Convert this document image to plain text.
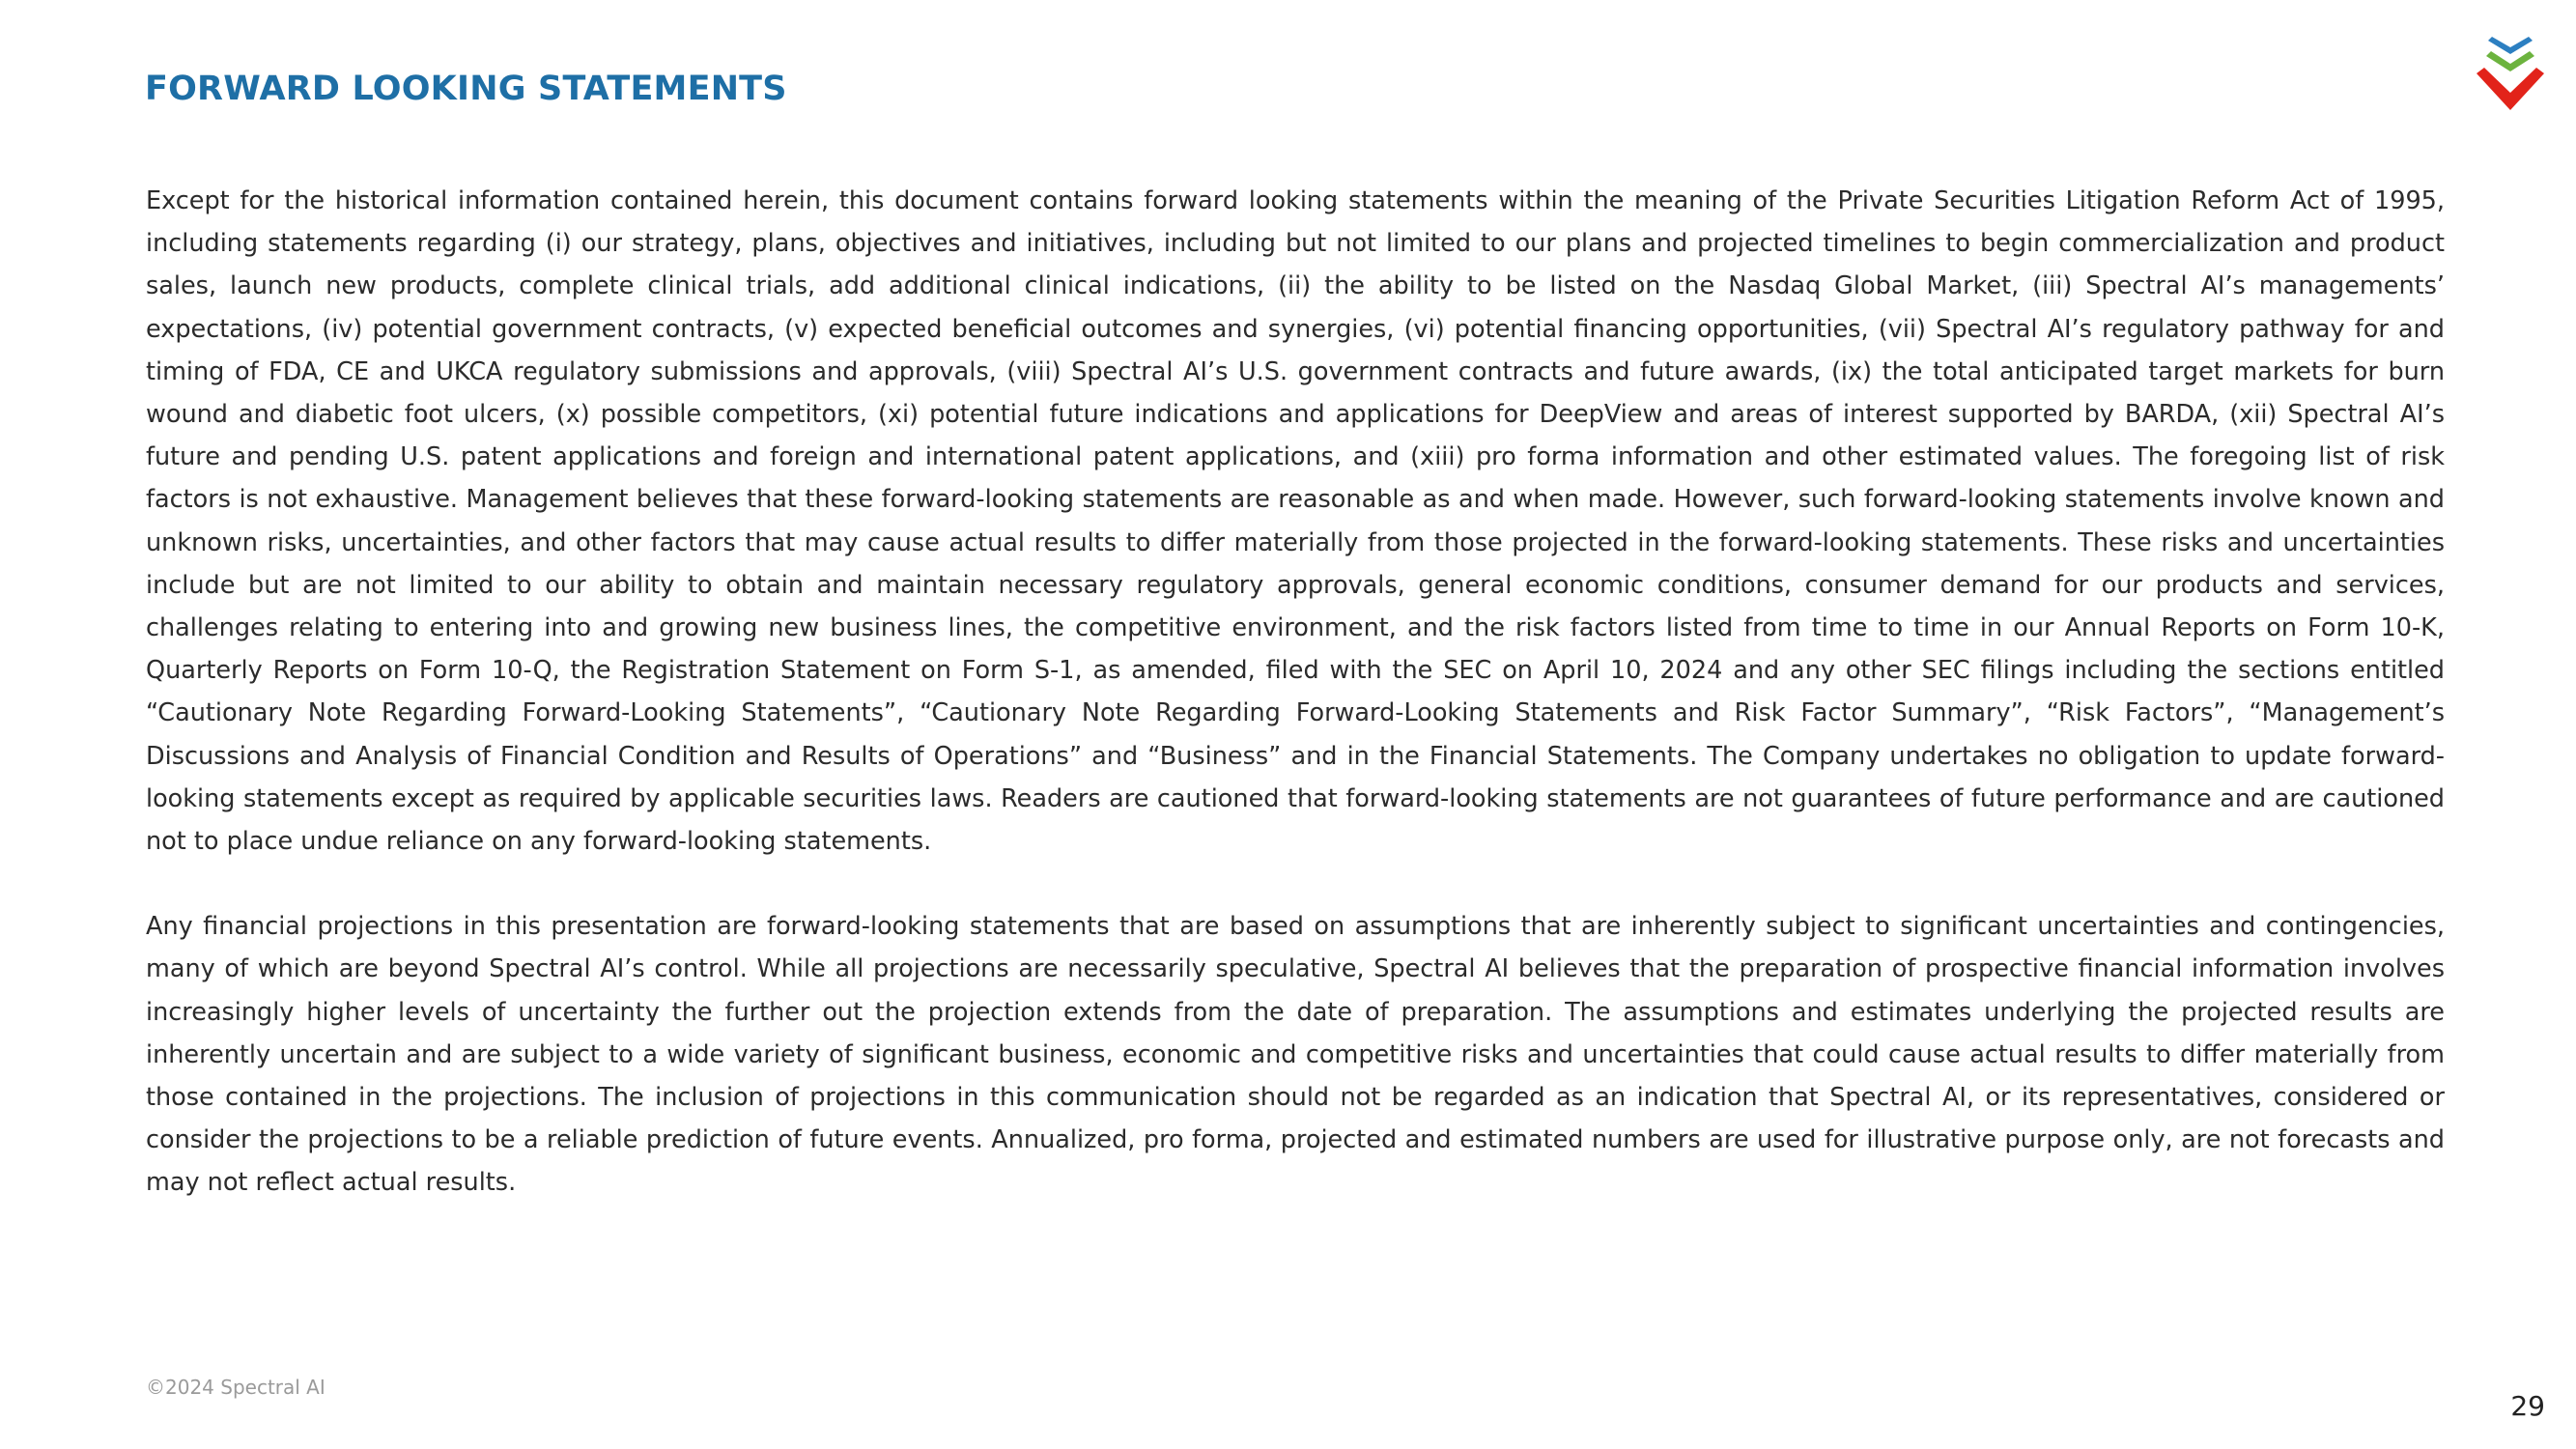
FORWARD LOOKING STATEMENTS

Except for the historical information contained herein, this document contains forward looking statements within the meaning of the Private Securities Litigation Reform Act of 1995, including statements regarding (i) our strategy, plans, objectives and initiatives, including but not limited to our plans and projected timelines to begin commercialization and product sales, launch new products, complete clinical trials, add additional clinical indications, (ii) the ability to be listed on the Nasdaq Global Market, (iii) Spectral AI’s managements’ expectations, (iv) potential government contracts, (v) expected beneficial outcomes and synergies, (vi) potential financing opportunities, (vii) Spectral AI’s regulatory pathway for and timing of FDA, CE and UKCA regulatory submissions and approvals, (viii) Spectral AI’s U.S. government contracts and future awards, (ix) the total anticipated target markets for burn wound and diabetic foot ulcers, (x) possible competitors, (xi) potential future indications and applications for DeepView and areas of interest supported by BARDA, (xii) Spectral AI’s future and pending U.S. patent applications and foreign and international patent applications, and (xiii) pro forma information and other estimated values. The foregoing list of risk factors is not exhaustive. Management believes that these forward-looking statements are reasonable as and when made. However, such forward-looking statements involve known and unknown risks, uncertainties, and other factors that may cause actual results to differ materially from those projected in the forward-looking statements. These risks and uncertainties include but are not limited to our ability to obtain and maintain necessary regulatory approvals, general economic conditions, consumer demand for our products and services, challenges relating to entering into and growing new business lines, the competitive environment, and the risk factors listed from time to time in our Annual Reports on Form 10-K, Quarterly Reports on Form 10-Q, the Registration Statement on Form S-1, as amended, filed with the SEC on April 10, 2024 and any other SEC filings including the sections entitled “Cautionary Note Regarding Forward-Looking Statements”, “Cautionary Note Regarding Forward-Looking Statements and Risk Factor Summary”, “Risk Factors”, “Management’s Discussions and Analysis of Financial Condition and Results of Operations” and “Business” and in the Financial Statements. The Company undertakes no obligation to update forward-looking statements except as required by applicable securities laws. Readers are cautioned that forward-looking statements are not guarantees of future performance and are cautioned not to place undue reliance on any forward-looking statements.

Any financial projections in this presentation are forward-looking statements that are based on assumptions that are inherently subject to significant uncertainties and contingencies, many of which are beyond Spectral AI’s control. While all projections are necessarily speculative, Spectral AI believes that the preparation of prospective financial information involves increasingly higher levels of uncertainty the further out the projection extends from the date of preparation. The assumptions and estimates underlying the projected results are inherently uncertain and are subject to a wide variety of significant business, economic and competitive risks and uncertainties that could cause actual results to differ materially from those contained in the projections. The inclusion of projections in this communication should not be regarded as an indication that Spectral AI, or its representatives, considered or consider the projections to be a reliable prediction of future events. Annualized, pro forma, projected and estimated numbers are used for illustrative purpose only, are not forecasts and may not reflect actual results.

©2024 Spectral AI
29
